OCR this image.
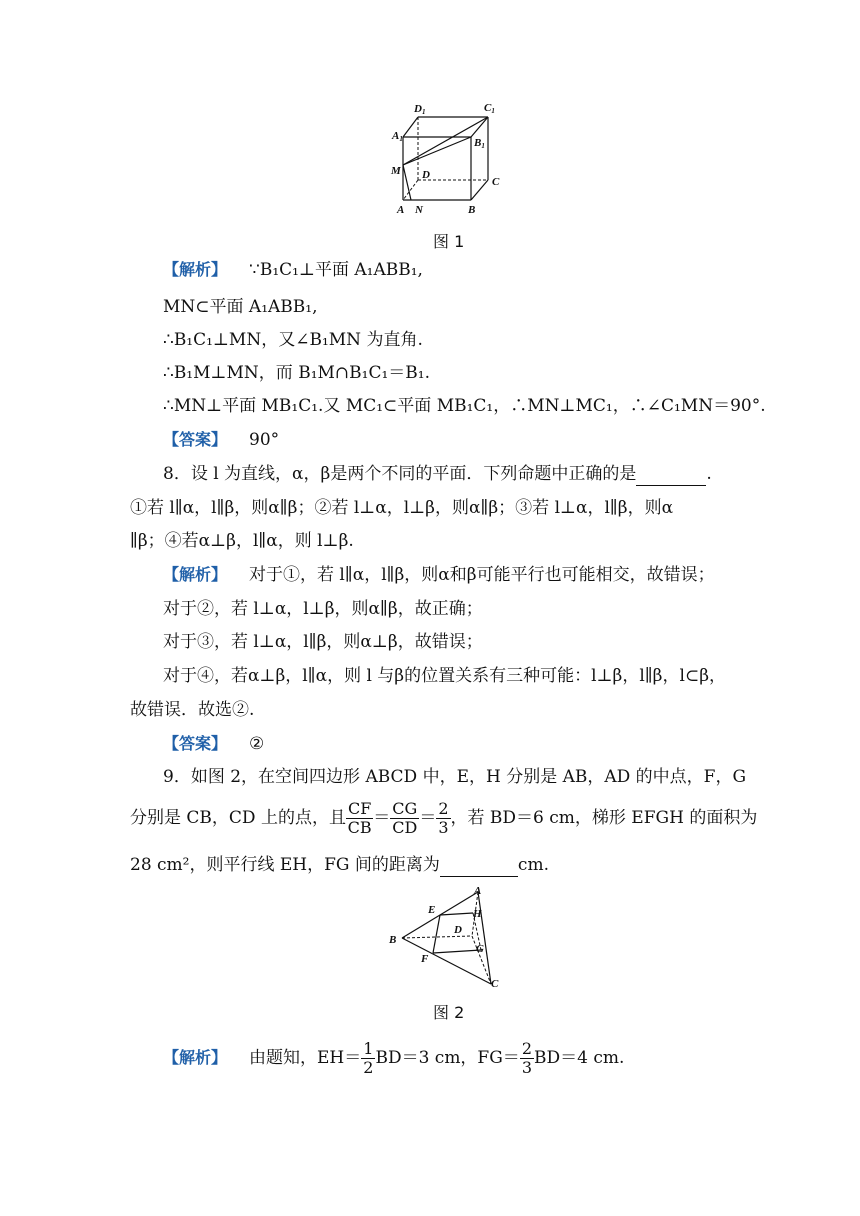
D1	C1
A1	B1
M D
C
A N	B
图 1
【解析】 ∵B₁C₁⊥平面 A₁ABB₁,
MN⊂平面 A₁ABB₁,
∴B₁C₁⊥MN，又∠B₁MN 为直角.
∴B₁M⊥MN，而 B₁M∩B₁C₁＝B₁.
∴MN⊥平面 MB₁C₁.又 MC₁⊂平面 MB₁C₁，∴MN⊥MC₁，∴∠C₁MN＝90°.
【答案】 90°
8．设 l 为直线，α，β是两个不同的平面．下列命题中正确的是	.
①若 l∥α，l∥β，则α∥β；②若 l⊥α，l⊥β，则α∥β；③若 l⊥α，l∥β，则α
∥β；④若α⊥β，l∥α，则 l⊥β.
【解析】 对于①，若 l∥α，l∥β，则α和β可能平行也可能相交，故错误；
对于②，若 l⊥α，l⊥β，则α∥β，故正确；
对于③，若 l⊥α，l∥β，则α⊥β，故错误；
对于④，若α⊥β，l∥α，则 l 与β的位置关系有三种可能：l⊥β，l∥β，l⊂β，
故错误．故选②.
【答案】 ②
9．如图 2，在空间四边形 ABCD 中，E，H 分别是 AB，AD 的中点，F，G
分别是 CB，CD 上的点，且 $\frac{CF}{CB} = \frac{CG}{CD} = \frac{2}{3}$ ，若 BD＝6 cm，梯形 EFGH 的面积为
28 cm²，则平行线 EH，FG 间的距离为	cm.
A
B
C
D
E
F
G
H
图 2
【解析】 由题知，$EH= \frac{1}{2} BD=3$ cm，$FG= \frac{2}{3} BD=4$ cm.
